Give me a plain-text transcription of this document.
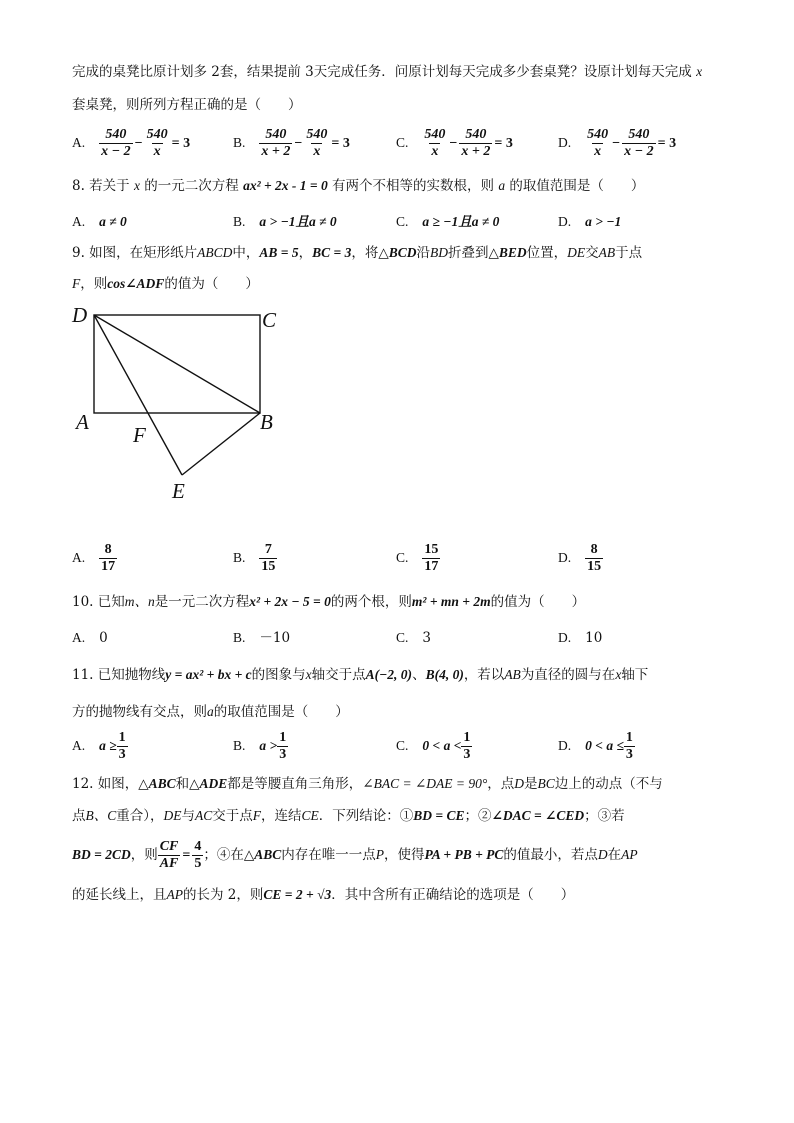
完成的桌凳比原计划多 2套，结果提前 3天完成任务．问原计划每天完成多少套桌凳？设原计划每天完成 x
套桌凳，则所列方程正确的是（　　）
A. $\frac{540}{x - 2} - \frac{540}{x} = 3$	B. $\frac{540}{x + 2} - \frac{540}{x} = 3$	C. $\frac{540}{x} - \frac{540}{x + 2} = 3$	D. $\frac{540}{x} - \frac{540}{x - 2} = 3$
8. 若关于 x 的一元二次方程 ax² + 2x - 1 = 0 有两个不相等的实数根，则 a 的取值范围是（　　）
A. a ≠ 0	B. a > −1且a ≠ 0	C. a ≥ −1且a ≠ 0	D. a > −1
9. 如图，在矩形纸片ABCD中，AB = 5，BC = 3，将△BCD沿BD折叠到△BED位置，DE交AB于点
F，则cos∠ADF的值为（　　）
D	C
A	B
F
E
A. $\frac{8}{17}$	B. $\frac{7}{15}$	C. $\frac{15}{17}$	D. $\frac{8}{15}$
10. 已知m、n是一元二次方程x² + 2x − 5 = 0的两个根，则m² + mn + 2m的值为（　　）
A. 0	B. －10	C. 3	D. 10
11. 已知抛物线y = ax² + bx + c的图象与x轴交于点A(−2, 0)、B(4, 0)，若以AB为直径的圆与在x轴下
方的抛物线有交点，则a的取值范围是（　　）
A. $a \ge \frac{1}{3}$	B. $a > \frac{1}{3}$	C. $0 < a < \frac{1}{3}$	D. $0 < a \le \frac{1}{3}$
12. 如图，△ABC和△ADE都是等腰直角三角形，∠BAC = ∠DAE = 90°，点D是BC边上的动点（不与
点B、C重合），DE与AC交于点F，连结CE．下列结论：①BD = CE；②∠DAC = ∠CED；③若
BD = 2CD，则 $\frac{CF}{AF} = \frac{4}{5}$ ；④在△ABC内存在唯一一点P，使得PA + PB + PC的值最小，若点D在AP
的延长线上，且AP的长为 2，则CE = 2 + √3．其中含所有正确结论的选项是（　　）
